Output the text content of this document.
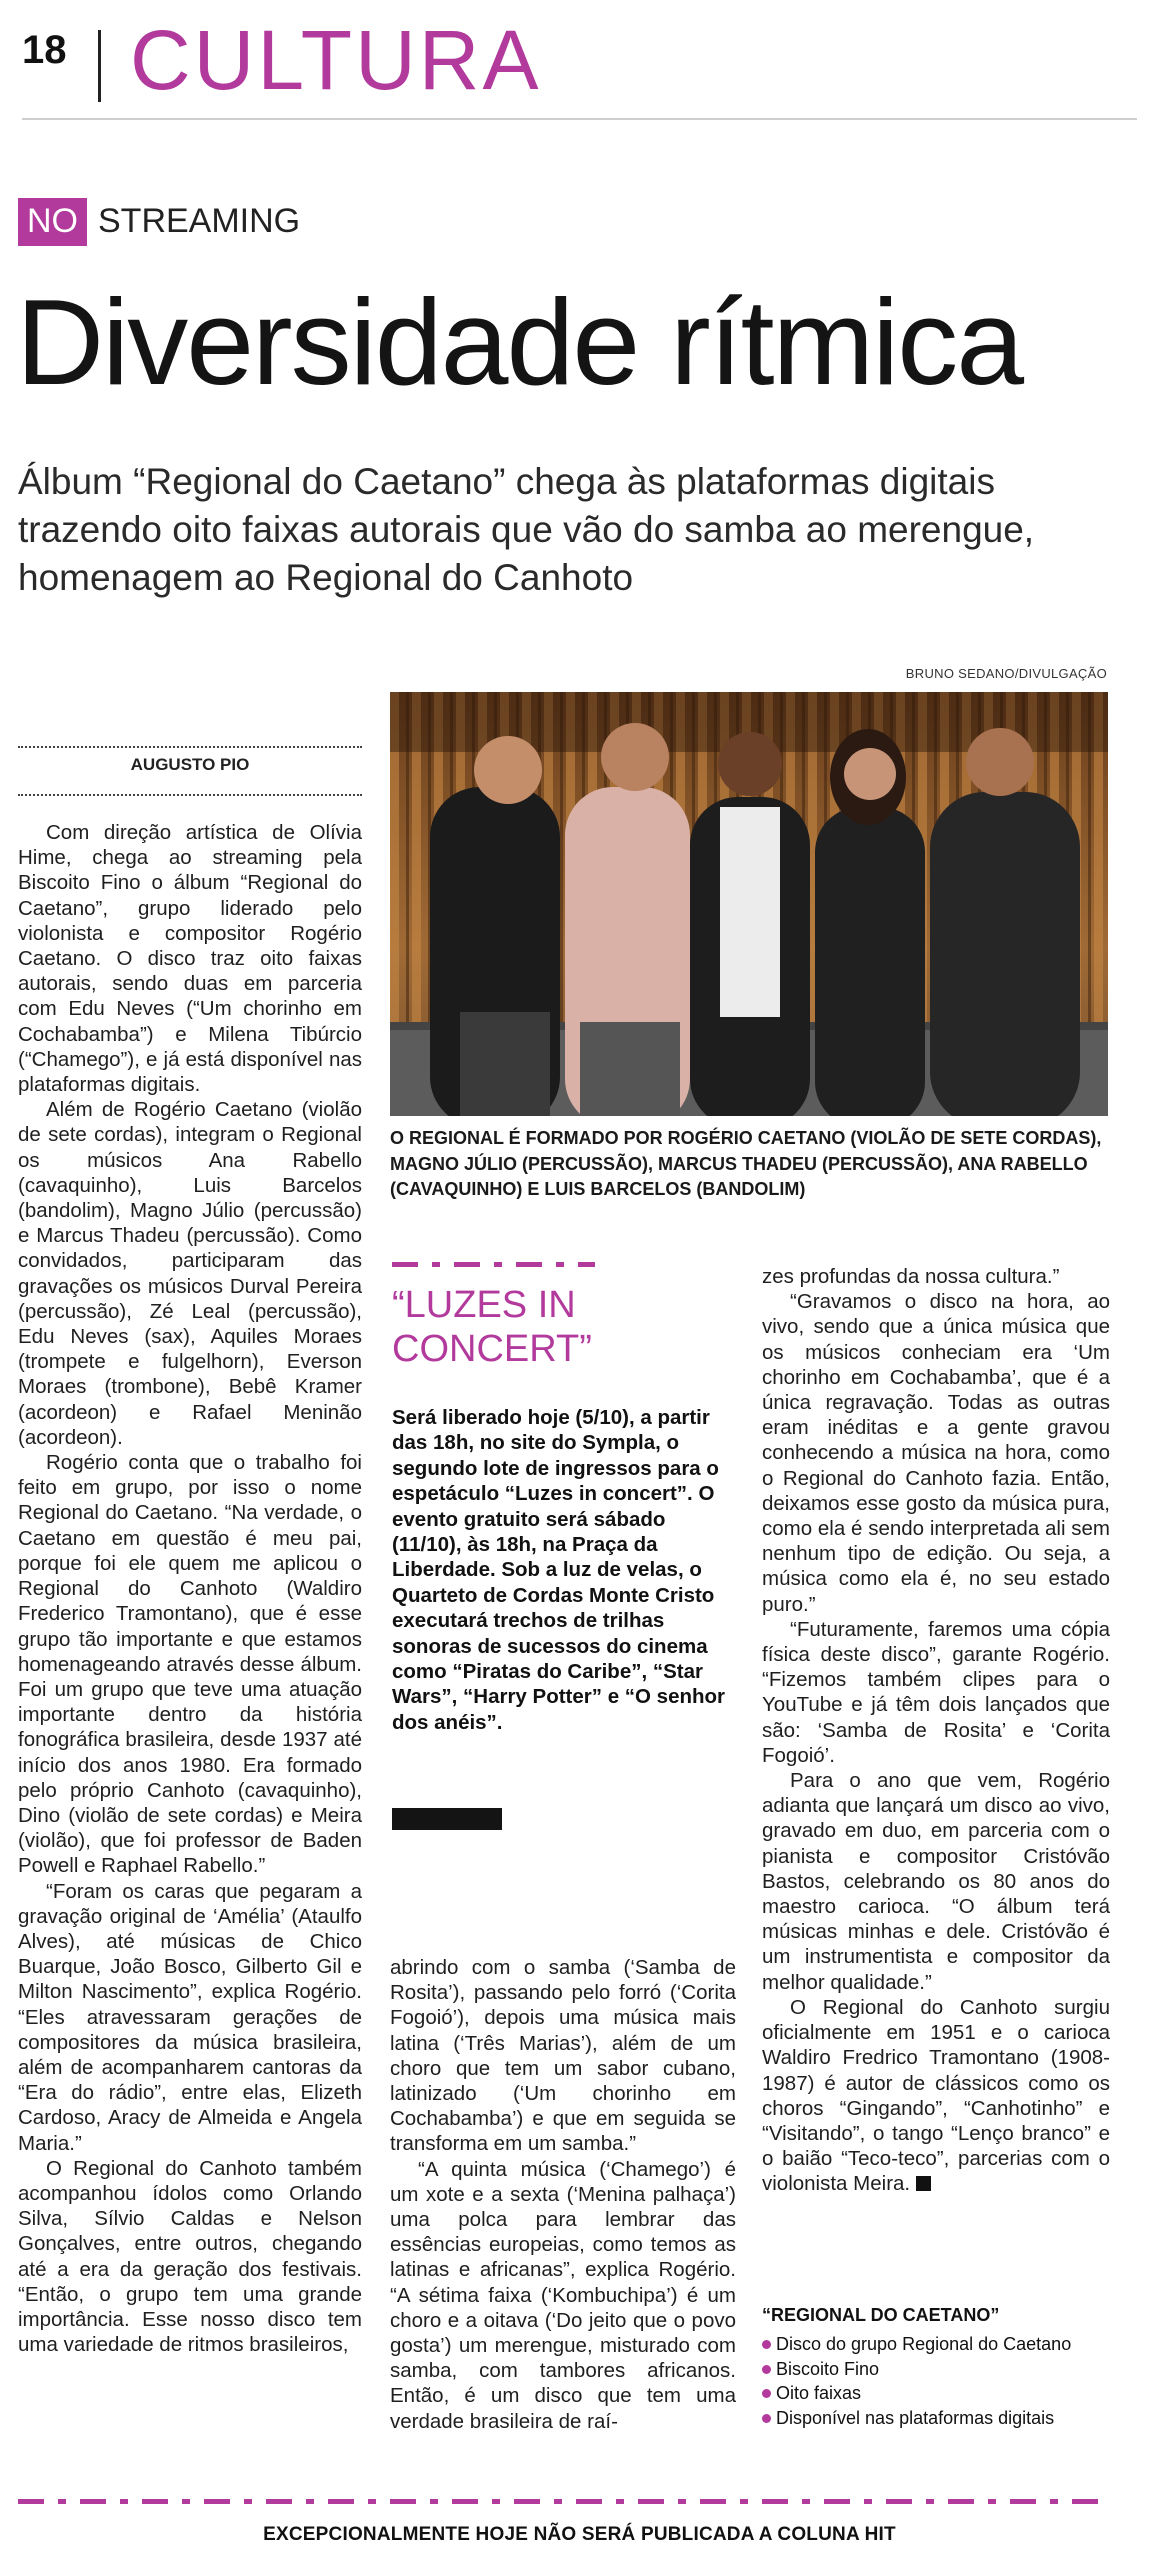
18 CULTURA
NO STREAMING
Diversidade rítmica
Álbum “Regional do Caetano” chega às plataformas digitais trazendo oito faixas autorais que vão do samba ao merengue, homenagem ao Regional do Canhoto
BRUNO SEDANO/DIVULGAÇÃO
O REGIONAL É FORMADO POR ROGÉRIO CAETANO (VIOLÃO DE SETE CORDAS), MAGNO JÚLIO (PERCUSSÃO), MARCUS THADEU (PERCUSSÃO), ANA RABELLO (CAVAQUINHO) E LUIS BARCELOS (BANDOLIM)
AUGUSTO PIO

Com direção artística de Olívia Hime, chega ao streaming pela Biscoito Fino o álbum “Regional do Caetano”, grupo liderado pelo violonista e compositor Rogério Caetano. O disco traz oito faixas autorais, sendo duas em parceria com Edu Neves (“Um chorinho em Cochabamba”) e Milena Tibúrcio (“Chamego”), e já está disponível nas plataformas digitais.

Além de Rogério Caetano (violão de sete cordas), integram o Regional os músicos Ana Rabello (cavaquinho), Luis Barcelos (bandolim), Magno Júlio (percussão) e Marcus Thadeu (percussão). Como convidados, participaram das gravações os músicos Durval Pereira (percussão), Zé Leal (percussão), Edu Neves (sax), Aquiles Moraes (trompete e fulgelhorn), Everson Moraes (trombone), Bebê Kramer (acordeon) e Rafael Meninão (acordeon).

Rogério conta que o trabalho foi feito em grupo, por isso o nome Regional do Caetano. “Na verdade, o Caetano em questão é meu pai, porque foi ele quem me aplicou o Regional do Canhoto (Waldiro Frederico Tramontano), que é esse grupo tão importante e que estamos homenageando através desse álbum. Foi um grupo que teve uma atuação importante dentro da história fonográfica brasileira, desde 1937 até início dos anos 1980. Era formado pelo próprio Canhoto (cavaquinho), Dino (violão de sete cordas) e Meira (violão), que foi professor de Baden Powell e Raphael Rabello.”

“Foram os caras que pegaram a gravação original de ‘Amélia’ (Ataulfo Alves), até músicas de Chico Buarque, João Bosco, Gilberto Gil e Milton Nascimento”, explica Rogério. “Eles atravessaram gerações de compositores da música brasileira, além de acompanharem cantoras da “Era do rádio”, entre elas, Elizeth Cardoso, Aracy de Almeida e Angela Maria.”

O Regional do Canhoto também acompanhou ídolos como Orlando Silva, Sílvio Caldas e Nelson Gonçalves, entre outros, chegando até a era da geração dos festivais. “Então, o grupo tem uma grande importância. Esse nosso disco tem uma variedade de ritmos brasileiros,

“LUZES IN CONCERT”
Será liberado hoje (5/10), a partir das 18h, no site do Sympla, o segundo lote de ingressos para o espetáculo “Luzes in concert”. O evento gratuito será sábado (11/10), às 18h, na Praça da Liberdade. Sob a luz de velas, o Quarteto de Cordas Monte Cristo executará trechos de trilhas sonoras de sucessos do cinema como “Piratas do Caribe”, “Star Wars”, “Harry Potter” e “O senhor dos anéis”.

abrindo com o samba (‘Samba de Rosita’), passando pelo forró (‘Corita Fogoió’), depois uma música mais latina (‘Três Marias’), além de um choro que tem um sabor cubano, latinizado (‘Um chorinho em Cochabamba’) e que em seguida se transforma em um samba.”

“A quinta música (‘Chamego’) é um xote e a sexta (‘Menina palhaça’) uma polca para lembrar das essências europeias, como temos as latinas e africanas”, explica Rogério. “A sétima faixa (‘Kombuchipa’) é um choro e a oitava (‘Do jeito que o povo gosta’) um merengue, misturado com samba, com tambores africanos. Então, é um disco que tem uma verdade brasileira de raí-

zes profundas da nossa cultura.”

“Gravamos o disco na hora, ao vivo, sendo que a única música que os músicos conheciam era ‘Um chorinho em Cochabamba’, que é a única regravação. Todas as outras eram inéditas e a gente gravou conhecendo a música na hora, como o Regional do Canhoto fazia. Então, deixamos esse gosto da música pura, como ela é sendo interpretada ali sem nenhum tipo de edição. Ou seja, a música como ela é, no seu estado puro.”

“Futuramente, faremos uma cópia física deste disco”, garante Rogério. “Fizemos também clipes para o YouTube e já têm dois lançados que são: ‘Samba de Rosita’ e ‘Corita Fogoió’.

Para o ano que vem, Rogério adianta que lançará um disco ao vivo, gravado em duo, em parceria com o pianista e compositor Cristóvão Bastos, celebrando os 80 anos do maestro carioca. “O álbum terá músicas minhas e dele. Cristóvão é um instrumentista e compositor da melhor qualidade.”

O Regional do Canhoto surgiu oficialmente em 1951 e o carioca Waldiro Fredrico Tramontano (1908-1987) é autor de clássicos como os choros “Gingando”, “Canhotinho” e “Visitando”, o tango “Lenço branco” e o baião “Teco-teco”, parcerias com o violonista Meira.

“REGIONAL DO CAETANO”
Disco do grupo Regional do Caetano
Biscoito Fino
Oito faixas
Disponível nas plataformas digitais
EXCEPCIONALMENTE HOJE NÃO SERÁ PUBLICADA A COLUNA HIT
